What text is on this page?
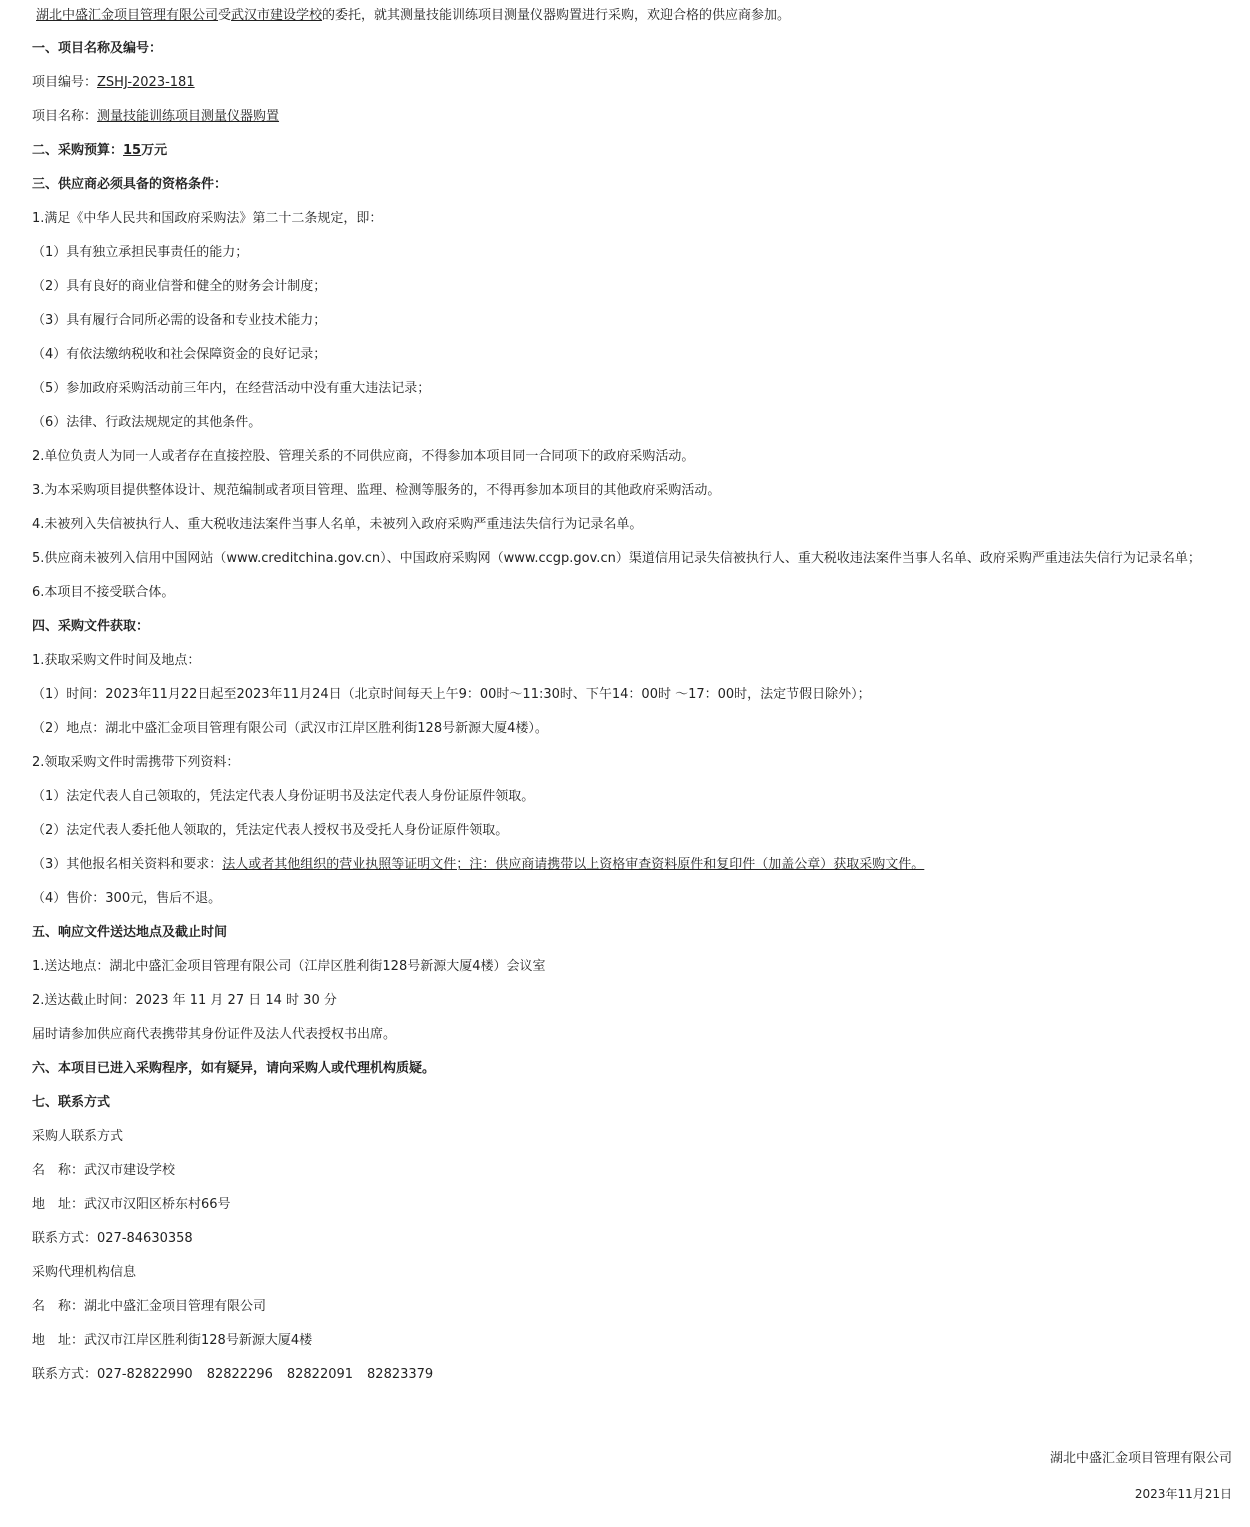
湖北中盛汇金项目管理有限公司受武汉市建设学校的委托，就其测量技能训练项目测量仪器购置进行采购，欢迎合格的供应商参加。
一、项目名称及编号：
项目编号：ZSHJ-2023-181
项目名称：测量技能训练项目测量仪器购置
二、采购预算：15万元
三、供应商必须具备的资格条件：
1.满足《中华人民共和国政府采购法》第二十二条规定，即：
（1）具有独立承担民事责任的能力；
（2）具有良好的商业信誉和健全的财务会计制度；
（3）具有履行合同所必需的设备和专业技术能力；
（4）有依法缴纳税收和社会保障资金的良好记录；
（5）参加政府采购活动前三年内，在经营活动中没有重大违法记录；
（6）法律、行政法规规定的其他条件。
2.单位负责人为同一人或者存在直接控股、管理关系的不同供应商，不得参加本项目同一合同项下的政府采购活动。
3.为本采购项目提供整体设计、规范编制或者项目管理、监理、检测等服务的，不得再参加本项目的其他政府采购活动。
4.未被列入失信被执行人、重大税收违法案件当事人名单，未被列入政府采购严重违法失信行为记录名单。
5.供应商未被列入信用中国网站（www.creditchina.gov.cn）、中国政府采购网（www.ccgp.gov.cn）渠道信用记录失信被执行人、重大税收违法案件当事人名单、政府采购严重违法失信行为记录名单；
6.本项目不接受联合体。
四、采购文件获取：
1.获取采购文件时间及地点：
（1）时间：2023年11月22日起至2023年11月24日（北京时间每天上午9：00时～11:30时、下午14：00时 ～17：00时，法定节假日除外）；
（2）地点：湖北中盛汇金项目管理有限公司（武汉市江岸区胜利街128号新源大厦4楼）。
2.领取采购文件时需携带下列资料：
（1）法定代表人自己领取的，凭法定代表人身份证明书及法定代表人身份证原件领取。
（2）法定代表人委托他人领取的，凭法定代表人授权书及受托人身份证原件领取。
（3）其他报名相关资料和要求：法人或者其他组织的营业执照等证明文件；注：供应商请携带以上资格审查资料原件和复印件（加盖公章）获取采购文件。
（4）售价：300元，售后不退。
五、响应文件送达地点及截止时间
1.送达地点：湖北中盛汇金项目管理有限公司（江岸区胜利街128号新源大厦4楼）会议室
2.送达截止时间：2023 年 11 月 27 日 14 时 30 分
届时请参加供应商代表携带其身份证件及法人代表授权书出席。
六、本项目已进入采购程序，如有疑异，请向采购人或代理机构质疑。
七、联系方式
采购人联系方式
名　称：武汉市建设学校
地　址：武汉市汉阳区桥东村66号
联系方式：027-84630358
采购代理机构信息
名　称：湖北中盛汇金项目管理有限公司
地　址：武汉市江岸区胜利街128号新源大厦4楼
联系方式：027-82822990 82822296 82822091 82823379
湖北中盛汇金项目管理有限公司
2023年11月21日
